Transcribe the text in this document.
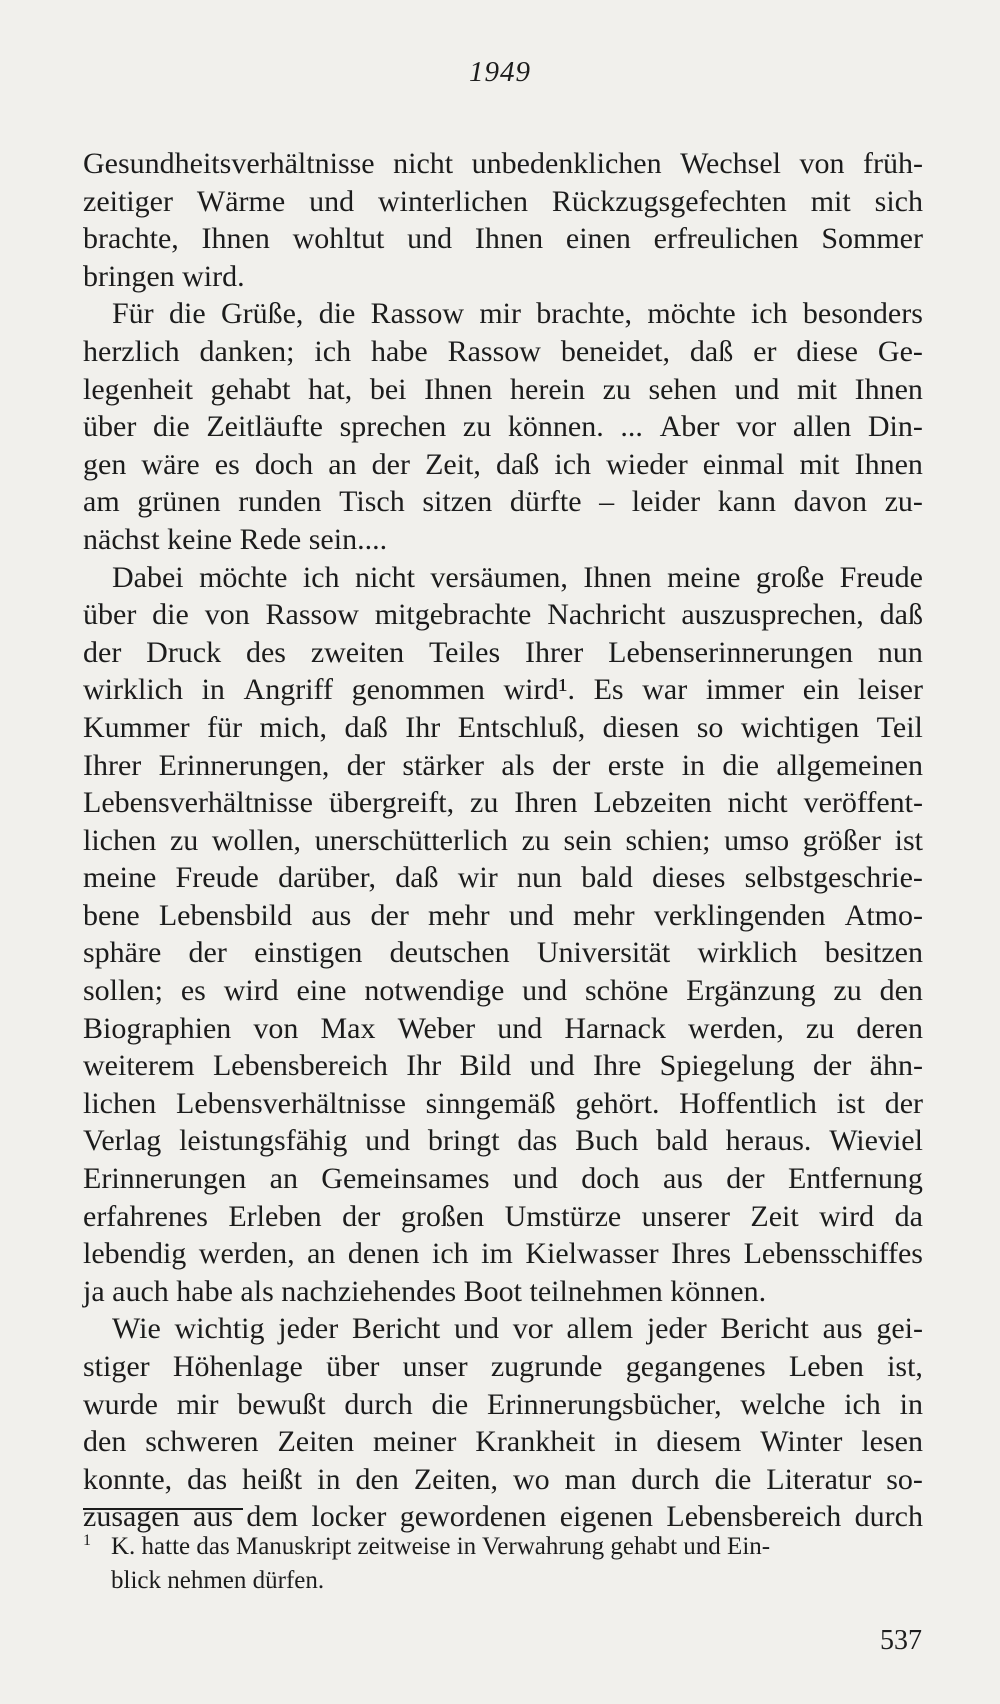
1949
Gesundheitsverhältnisse nicht unbedenklichen Wechsel von früh-
zeitiger Wärme und winterlichen Rückzugsgefechten mit sich
brachte, Ihnen wohltut und Ihnen einen erfreulichen Sommer
bringen wird.
Für die Grüße, die Rassow mir brachte, möchte ich besonders
herzlich danken; ich habe Rassow beneidet, daß er diese Ge-
legenheit gehabt hat, bei Ihnen herein zu sehen und mit Ihnen
über die Zeitläufte sprechen zu können. ... Aber vor allen Din-
gen wäre es doch an der Zeit, daß ich wieder einmal mit Ihnen
am grünen runden Tisch sitzen dürfte – leider kann davon zu-
nächst keine Rede sein....
Dabei möchte ich nicht versäumen, Ihnen meine große Freude
über die von Rassow mitgebrachte Nachricht auszusprechen, daß
der Druck des zweiten Teiles Ihrer Lebenserinnerungen nun
wirklich in Angriff genommen wird¹. Es war immer ein leiser
Kummer für mich, daß Ihr Entschluß, diesen so wichtigen Teil
Ihrer Erinnerungen, der stärker als der erste in die allgemeinen
Lebensverhältnisse übergreift, zu Ihren Lebzeiten nicht veröffent-
lichen zu wollen, unerschütterlich zu sein schien; umso größer ist
meine Freude darüber, daß wir nun bald dieses selbstgeschrie-
bene Lebensbild aus der mehr und mehr verklingenden Atmo-
sphäre der einstigen deutschen Universität wirklich besitzen
sollen; es wird eine notwendige und schöne Ergänzung zu den
Biographien von Max Weber und Harnack werden, zu deren
weiterem Lebensbereich Ihr Bild und Ihre Spiegelung der ähn-
lichen Lebensverhältnisse sinngemäß gehört. Hoffentlich ist der
Verlag leistungsfähig und bringt das Buch bald heraus. Wieviel
Erinnerungen an Gemeinsames und doch aus der Entfernung
erfahrenes Erleben der großen Umstürze unserer Zeit wird da
lebendig werden, an denen ich im Kielwasser Ihres Lebensschiffes
ja auch habe als nachziehendes Boot teilnehmen können.
Wie wichtig jeder Bericht und vor allem jeder Bericht aus gei-
stiger Höhenlage über unser zugrunde gegangenes Leben ist,
wurde mir bewußt durch die Erinnerungsbücher, welche ich in
den schweren Zeiten meiner Krankheit in diesem Winter lesen
konnte, das heißt in den Zeiten, wo man durch die Literatur so-
zusagen aus dem locker gewordenen eigenen Lebensbereich durch
1 K. hatte das Manuskript zeitweise in Verwahrung gehabt und Ein-
blick nehmen dürfen.
537
